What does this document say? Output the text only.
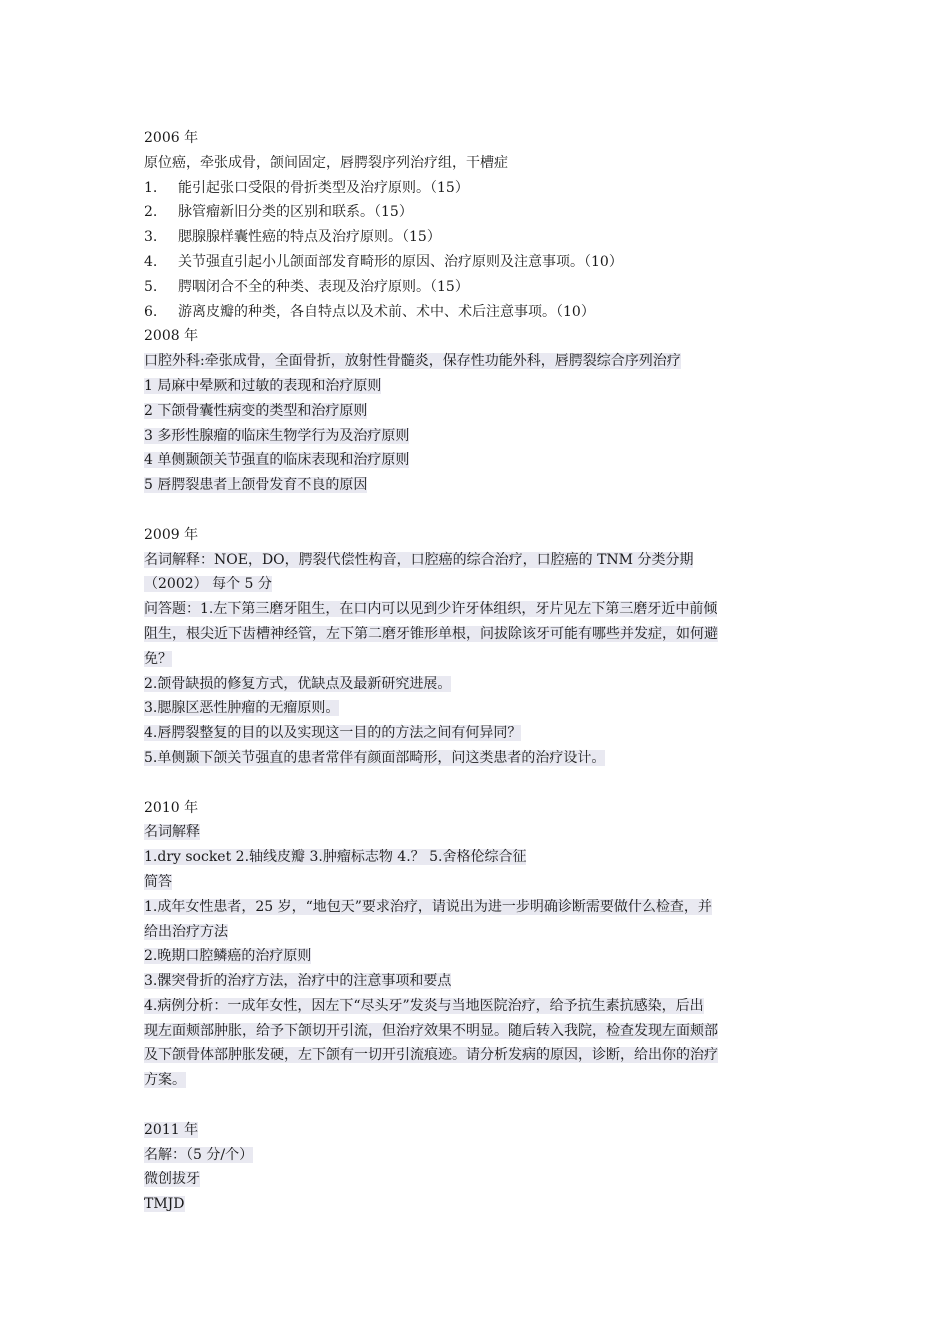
2006 年
原位癌，牵张成骨，颌间固定，唇腭裂序列治疗组，干槽症
1. 能引起张口受限的骨折类型及治疗原则。（15）
2. 脉管瘤新旧分类的区别和联系。（15）
3. 腮腺腺样囊性癌的特点及治疗原则。（15）
4. 关节强直引起小儿颌面部发育畸形的原因、治疗原则及注意事项。（10）
5. 腭咽闭合不全的种类、表现及治疗原则。（15）
6. 游离皮瓣的种类，各自特点以及术前、术中、术后注意事项。（10）
2008 年
口腔外科:牵张成骨，全面骨折，放射性骨髓炎，保存性功能外科，唇腭裂综合序列治疗
1 局麻中晕厥和过敏的表现和治疗原则
2 下颌骨囊性病变的类型和治疗原则
3 多形性腺瘤的临床生物学行为及治疗原则
4 单侧颞颌关节强直的临床表现和治疗原则
5 唇腭裂患者上颌骨发育不良的原因
2009 年
名词解释：NOE，DO，腭裂代偿性构音，口腔癌的综合治疗，口腔癌的 TNM 分类分期
（2002） 每个 5 分
问答题：1.左下第三磨牙阻生，在口内可以见到少许牙体组织，牙片见左下第三磨牙近中前倾
阻生，根尖近下齿槽神经管，左下第二磨牙锥形单根，问拔除该牙可能有哪些并发症，如何避
免？
2.颌骨缺损的修复方式，优缺点及最新研究进展。
3.腮腺区恶性肿瘤的无瘤原则。
4.唇腭裂整复的目的以及实现这一目的的方法之间有何异同？
5.单侧颞下颌关节强直的患者常伴有颜面部畸形，问这类患者的治疗设计。
2010 年
名词解释
1.dry socket 2.轴线皮瓣 3.肿瘤标志物 4.？ 5.舍格伦综合征
简答
1.成年女性患者，25 岁，“地包天”要求治疗，请说出为进一步明确诊断需要做什么检查，并
给出治疗方法
2.晚期口腔鳞癌的治疗原则
3.髁突骨折的治疗方法，治疗中的注意事项和要点
4.病例分析：一成年女性，因左下“尽头牙”发炎与当地医院治疗，给予抗生素抗感染，后出
现左面颊部肿胀，给予下颌切开引流，但治疗效果不明显。随后转入我院，检查发现左面颊部
及下颌骨体部肿胀发硬，左下颌有一切开引流痕迹。请分析发病的原因，诊断，给出你的治疗
方案。
2011 年
名解：（5 分/个）
微创拔牙
TMJD
